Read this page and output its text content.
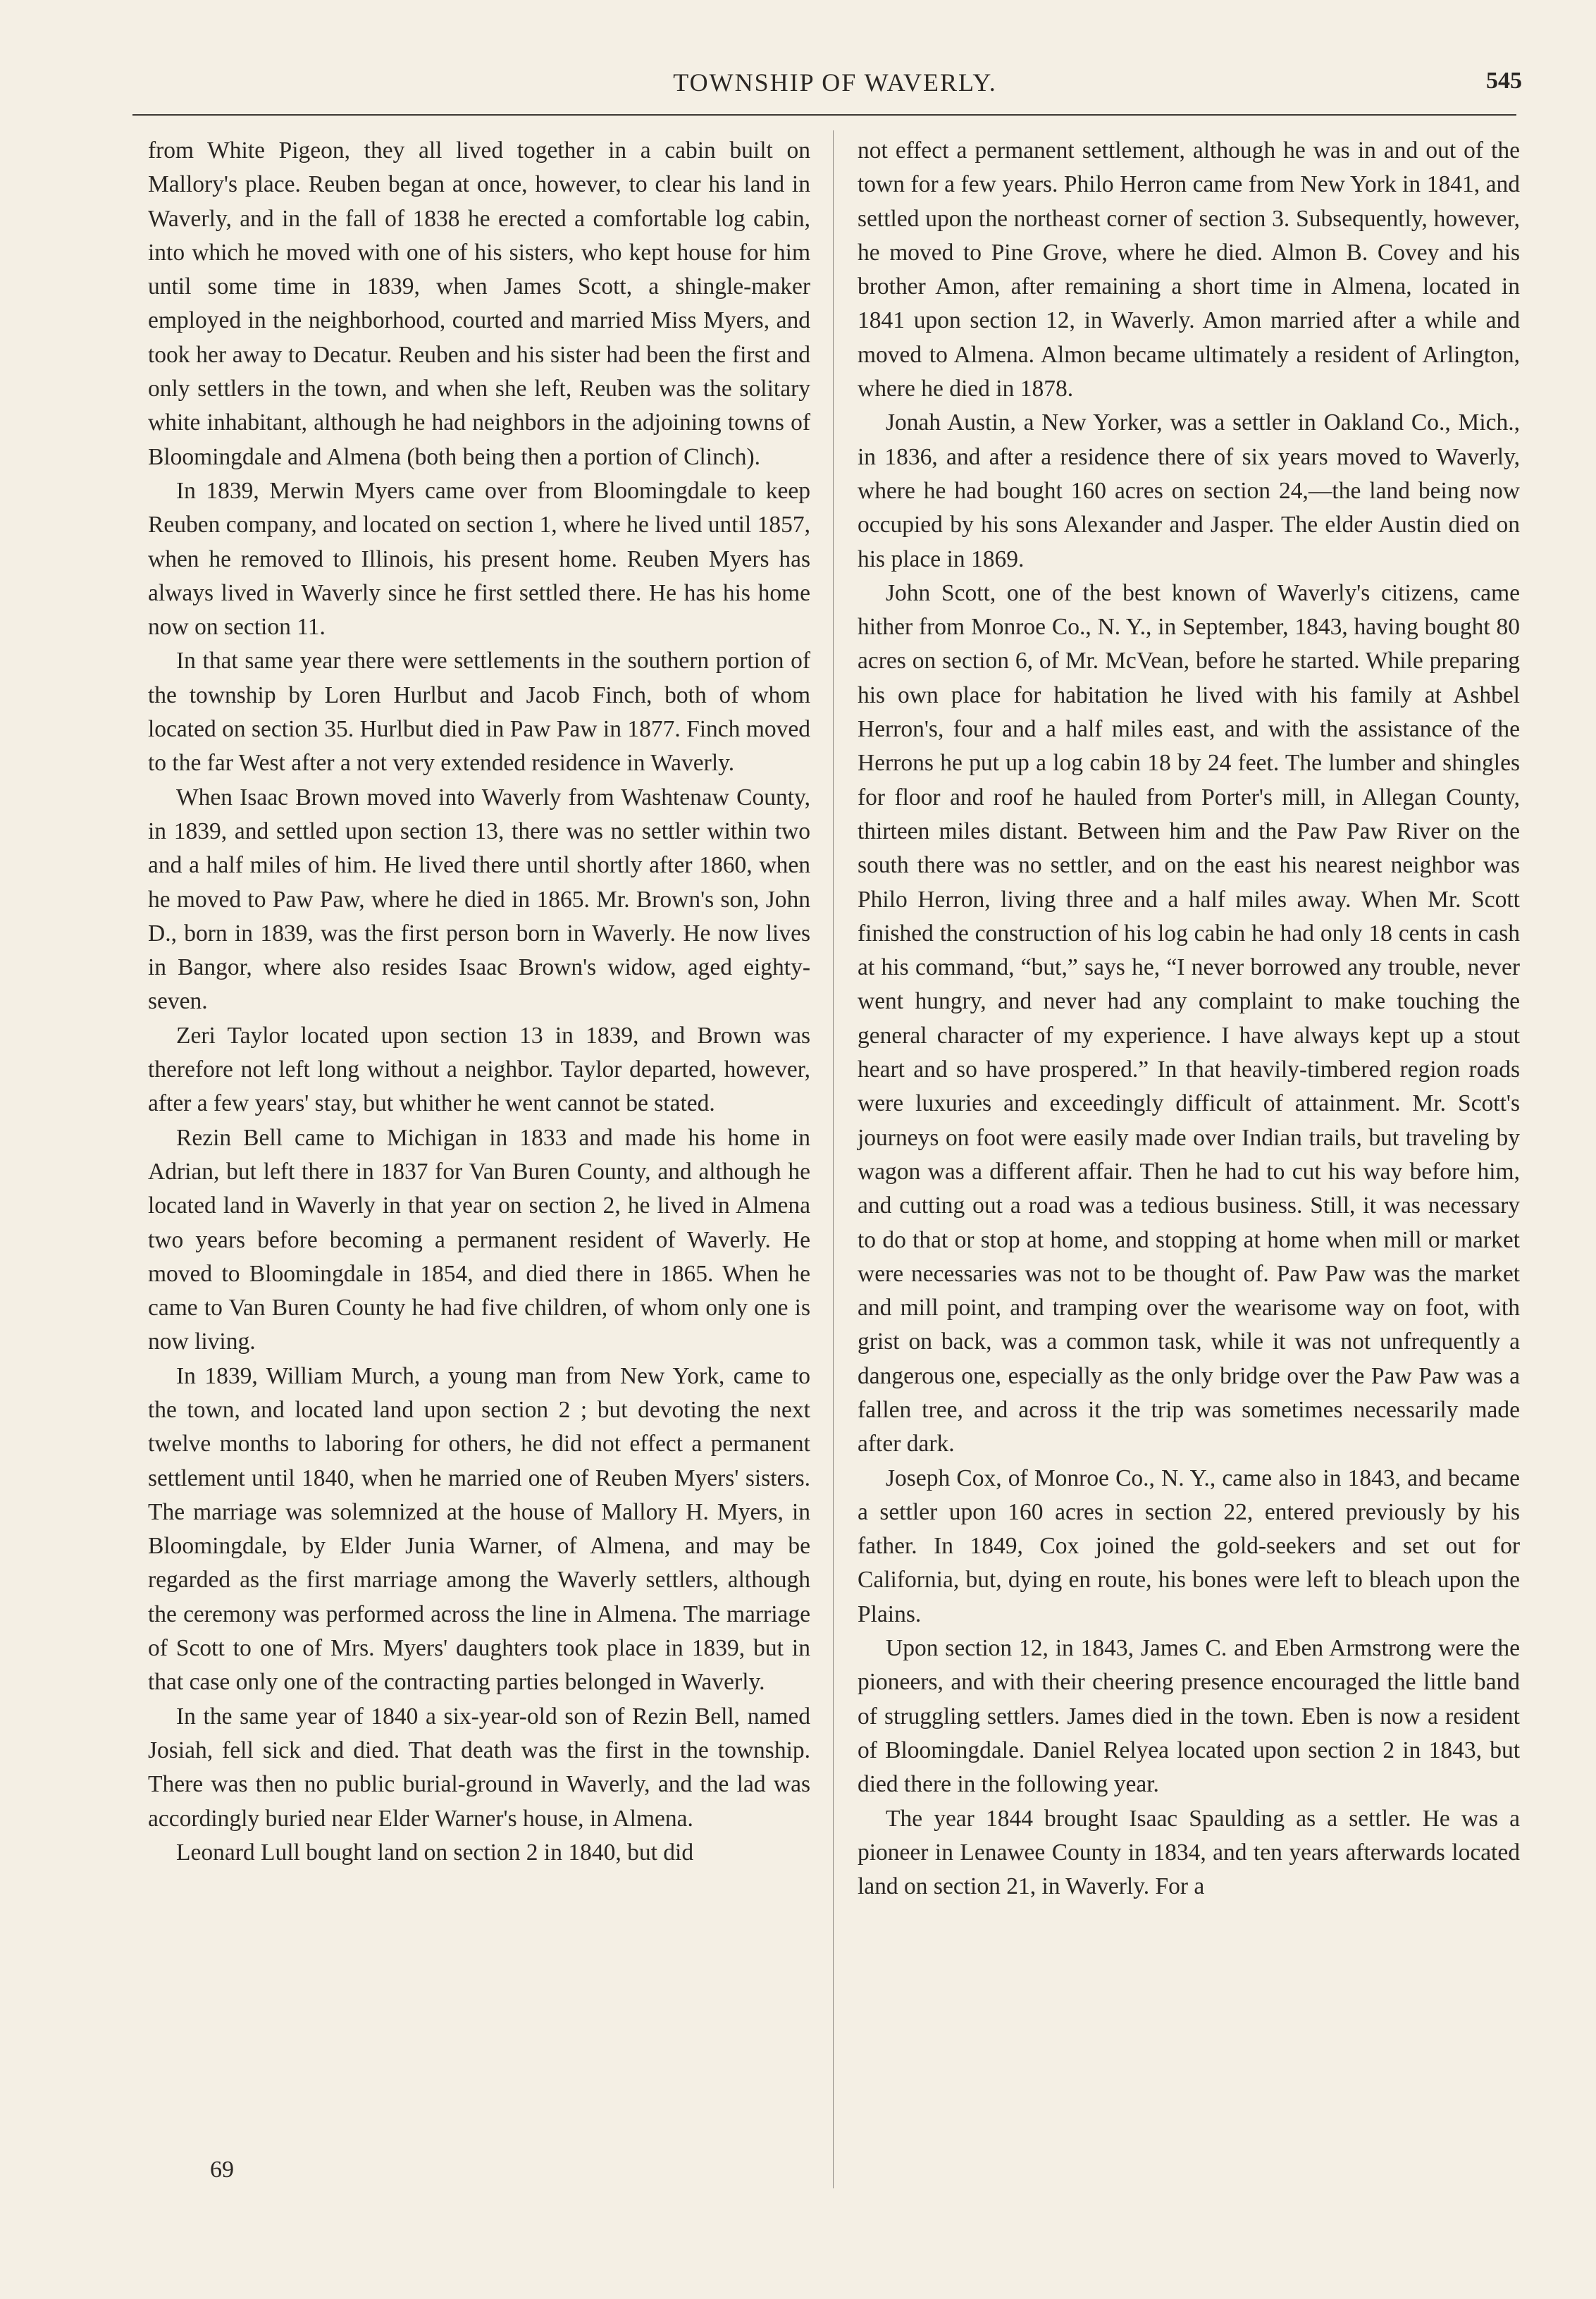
TOWNSHIP OF WAVERLY.	545

from White Pigeon, they all lived together in a cabin built on Mallory's place. Reuben began at once, however, to clear his land in Waverly, and in the fall of 1838 he erected a comfortable log cabin, into which he moved with one of his sisters, who kept house for him until some time in 1839, when James Scott, a shingle-maker employed in the neighborhood, courted and married Miss Myers, and took her away to Decatur. Reuben and his sister had been the first and only settlers in the town, and when she left, Reuben was the solitary white inhabitant, although he had neighbors in the adjoining towns of Bloomingdale and Almena (both being then a portion of Clinch).

In 1839, Merwin Myers came over from Bloomingdale to keep Reuben company, and located on section 1, where he lived until 1857, when he removed to Illinois, his present home. Reuben Myers has always lived in Waverly since he first settled there. He has his home now on section 11.

In that same year there were settlements in the southern portion of the township by Loren Hurlbut and Jacob Finch, both of whom located on section 35. Hurlbut died in Paw Paw in 1877. Finch moved to the far West after a not very extended residence in Waverly.

When Isaac Brown moved into Waverly from Washtenaw County, in 1839, and settled upon section 13, there was no settler within two and a half miles of him. He lived there until shortly after 1860, when he moved to Paw Paw, where he died in 1865. Mr. Brown's son, John D., born in 1839, was the first person born in Waverly. He now lives in Bangor, where also resides Isaac Brown's widow, aged eighty-seven.

Zeri Taylor located upon section 13 in 1839, and Brown was therefore not left long without a neighbor. Taylor departed, however, after a few years' stay, but whither he went cannot be stated.

Rezin Bell came to Michigan in 1833 and made his home in Adrian, but left there in 1837 for Van Buren County, and although he located land in Waverly in that year on section 2, he lived in Almena two years before becoming a permanent resident of Waverly. He moved to Bloomingdale in 1854, and died there in 1865. When he came to Van Buren County he had five children, of whom only one is now living.

In 1839, William Murch, a young man from New York, came to the town, and located land upon section 2 ; but devoting the next twelve months to laboring for others, he did not effect a permanent settlement until 1840, when he married one of Reuben Myers' sisters. The marriage was solemnized at the house of Mallory H. Myers, in Bloomingdale, by Elder Junia Warner, of Almena, and may be regarded as the first marriage among the Waverly settlers, although the ceremony was performed across the line in Almena. The marriage of Scott to one of Mrs. Myers' daughters took place in 1839, but in that case only one of the contracting parties belonged in Waverly.

In the same year of 1840 a six-year-old son of Rezin Bell, named Josiah, fell sick and died. That death was the first in the township. There was then no public burial-ground in Waverly, and the lad was accordingly buried near Elder Warner's house, in Almena.

Leonard Lull bought land on section 2 in 1840, but did

not effect a permanent settlement, although he was in and out of the town for a few years. Philo Herron came from New York in 1841, and settled upon the northeast corner of section 3. Subsequently, however, he moved to Pine Grove, where he died. Almon B. Covey and his brother Amon, after remaining a short time in Almena, located in 1841 upon section 12, in Waverly. Amon married after a while and moved to Almena. Almon became ultimately a resident of Arlington, where he died in 1878.

Jonah Austin, a New Yorker, was a settler in Oakland Co., Mich., in 1836, and after a residence there of six years moved to Waverly, where he had bought 160 acres on section 24,—the land being now occupied by his sons Alexander and Jasper. The elder Austin died on his place in 1869.

John Scott, one of the best known of Waverly's citizens, came hither from Monroe Co., N. Y., in September, 1843, having bought 80 acres on section 6, of Mr. McVean, before he started. While preparing his own place for habitation he lived with his family at Ashbel Herron's, four and a half miles east, and with the assistance of the Herrons he put up a log cabin 18 by 24 feet. The lumber and shingles for floor and roof he hauled from Porter's mill, in Allegan County, thirteen miles distant. Between him and the Paw Paw River on the south there was no settler, and on the east his nearest neighbor was Philo Herron, living three and a half miles away. When Mr. Scott finished the construction of his log cabin he had only 18 cents in cash at his command, “but,” says he, “I never borrowed any trouble, never went hungry, and never had any complaint to make touching the general character of my experience. I have always kept up a stout heart and so have prospered.” In that heavily-timbered region roads were luxuries and exceedingly difficult of attainment. Mr. Scott's journeys on foot were easily made over Indian trails, but traveling by wagon was a different affair. Then he had to cut his way before him, and cutting out a road was a tedious business. Still, it was necessary to do that or stop at home, and stopping at home when mill or market were necessaries was not to be thought of. Paw Paw was the market and mill point, and tramping over the wearisome way on foot, with grist on back, was a common task, while it was not unfrequently a dangerous one, especially as the only bridge over the Paw Paw was a fallen tree, and across it the trip was sometimes necessarily made after dark.

Joseph Cox, of Monroe Co., N. Y., came also in 1843, and became a settler upon 160 acres in section 22, entered previously by his father. In 1849, Cox joined the gold-seekers and set out for California, but, dying en route, his bones were left to bleach upon the Plains.

Upon section 12, in 1843, James C. and Eben Armstrong were the pioneers, and with their cheering presence encouraged the little band of struggling settlers. James died in the town. Eben is now a resident of Bloomingdale. Daniel Relyea located upon section 2 in 1843, but died there in the following year.

The year 1844 brought Isaac Spaulding as a settler. He was a pioneer in Lenawee County in 1834, and ten years afterwards located land on section 21, in Waverly. For a

69
